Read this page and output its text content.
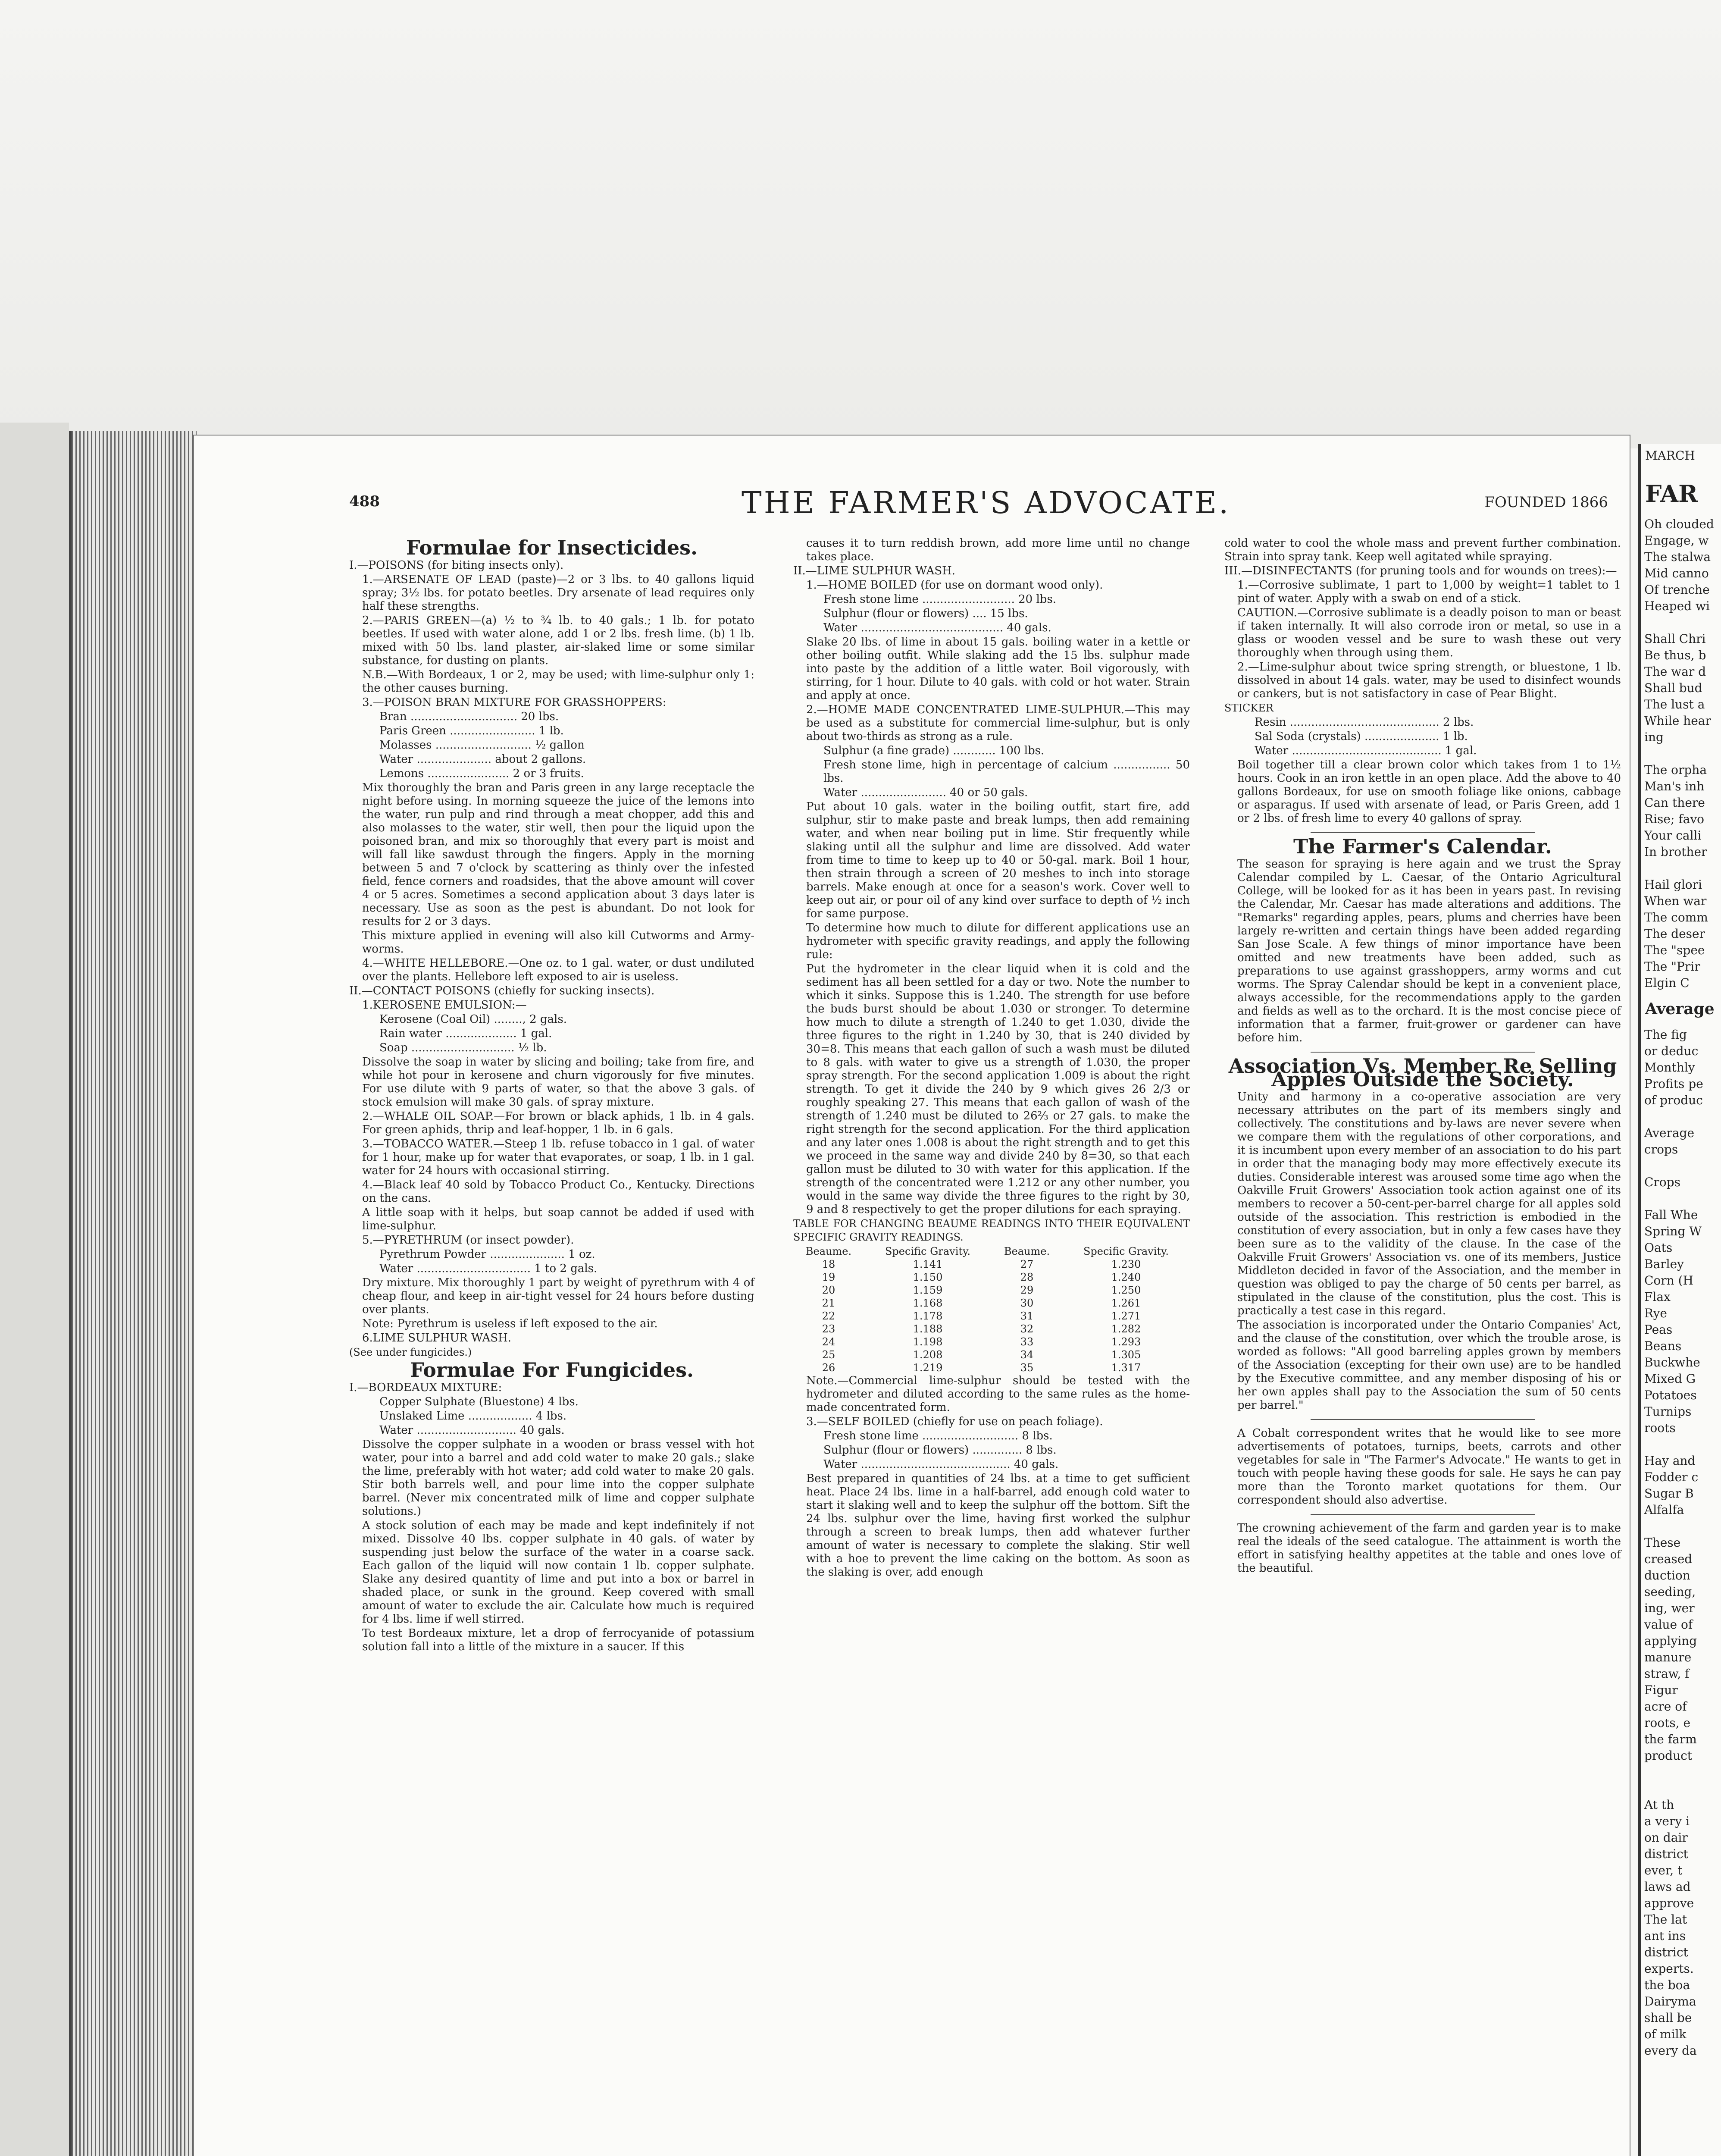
488	THE FARMER'S ADVOCATE.	FOUNDED 1866
Formulae for Insecticides.

I.—POISONS (for biting insects only).

1.—ARSENATE OF LEAD (paste)—2 or 3 lbs. to 40 gallons liquid spray; 3½ lbs. for potato beetles. Dry arsenate of lead requires only half these strengths.

2.—PARIS GREEN—(a) ½ to ¾ lb. to 40 gals.; 1 lb. for potato beetles. If used with water alone, add 1 or 2 lbs. fresh lime. (b) 1 lb. mixed with 50 lbs. land plaster, air-slaked lime or some similar substance, for dusting on plants.

N.B.—With Bordeaux, 1 or 2, may be used; with lime-sulphur only 1: the other causes burning.

3.—POISON BRAN MIXTURE FOR GRASSHOPPERS:

Bran .............................. 20 lbs.

Paris Green ........................ 1 lb.

Molasses ........................... ½ gallon

Water ..................... about 2 gallons.

Lemons ....................... 2 or 3 fruits.

Mix thoroughly the bran and Paris green in any large receptacle the night before using. In morning squeeze the juice of the lemons into the water, run pulp and rind through a meat chopper, add this and also molasses to the water, stir well, then pour the liquid upon the poisoned bran, and mix so thoroughly that every part is moist and will fall like sawdust through the fingers. Apply in the morning between 5 and 7 o'clock by scattering as thinly over the infested field, fence corners and roadsides, that the above amount will cover 4 or 5 acres. Sometimes a second application about 3 days later is necessary. Use as soon as the pest is abundant. Do not look for results for 2 or 3 days.

This mixture applied in evening will also kill Cutworms and Army-worms.

4.—WHITE HELLEBORE.—One oz. to 1 gal. water, or dust undiluted over the plants. Hellebore left exposed to air is useless.

II.—CONTACT POISONS (chiefly for sucking insects).

1.KEROSENE EMULSION:—

Kerosene (Coal Oil) ........, 2 gals.

Rain water .................... 1 gal.

Soap ............................. ½ lb.

Dissolve the soap in water by slicing and boiling; take from fire, and while hot pour in kerosene and churn vigorously for five minutes. For use dilute with 9 parts of water, so that the above 3 gals. of stock emulsion will make 30 gals. of spray mixture.

2.—WHALE OIL SOAP.—For brown or black aphids, 1 lb. in 4 gals. For green aphids, thrip and leaf-hopper, 1 lb. in 6 gals.

3.—TOBACCO WATER.—Steep 1 lb. refuse tobacco in 1 gal. of water for 1 hour, make up for water that evaporates, or soap, 1 lb. in 1 gal. water for 24 hours with occasional stirring.

4.—Black leaf 40 sold by Tobacco Product Co., Kentucky. Directions on the cans.

A little soap with it helps, but soap cannot be added if used with lime-sulphur.

5.—PYRETHRUM (or insect powder).

Pyrethrum Powder ..................... 1 oz.

Water ................................ 1 to 2 gals.

Dry mixture. Mix thoroughly 1 part by weight of pyrethrum with 4 of cheap flour, and keep in air-tight vessel for 24 hours before dusting over plants.

Note: Pyrethrum is useless if left exposed to the air.

6.LIME SULPHUR WASH.

(See under fungicides.)

Formulae For Fungicides.

I.—BORDEAUX MIXTURE:

Copper Sulphate (Bluestone) 4 lbs.

Unslaked Lime .................. 4 lbs.

Water ............................ 40 gals.

Dissolve the copper sulphate in a wooden or brass vessel with hot water, pour into a barrel and add cold water to make 20 gals.; slake the lime, preferably with hot water; add cold water to make 20 gals. Stir both barrels well, and pour lime into the copper sulphate barrel. (Never mix concentrated milk of lime and copper sulphate solutions.)

A stock solution of each may be made and kept indefinitely if not mixed. Dissolve 40 lbs. copper sulphate in 40 gals. of water by suspending just below the surface of the water in a coarse sack. Each gallon of the liquid will now contain 1 lb. copper sulphate. Slake any desired quantity of lime and put into a box or barrel in shaded place, or sunk in the ground. Keep covered with small amount of water to exclude the air. Calculate how much is required for 4 lbs. lime if well stirred.

To test Bordeaux mixture, let a drop of ferrocyanide of potassium solution fall into a little of the mixture in a saucer. If this

causes it to turn reddish brown, add more lime until no change takes place.

II.—LIME SULPHUR WASH.

1.—HOME BOILED (for use on dormant wood only).

Fresh stone lime .......................... 20 lbs.

Sulphur (flour or flowers) .... 15 lbs.

Water ........................................ 40 gals.

Slake 20 lbs. of lime in about 15 gals. boiling water in a kettle or other boiling outfit. While slaking add the 15 lbs. sulphur made into paste by the addition of a little water. Boil vigorously, with stirring, for 1 hour. Dilute to 40 gals. with cold or hot water. Strain and apply at once.

2.—HOME MADE CONCENTRATED LIME-SULPHUR.—This may be used as a substitute for commercial lime-sulphur, but is only about two-thirds as strong as a rule.

Sulphur (a fine grade) ............ 100 lbs.

Fresh stone lime, high in percentage of calcium ................ 50 lbs.

Water ........................ 40 or 50 gals.

Put about 10 gals. water in the boiling outfit, start fire, add sulphur, stir to make paste and break lumps, then add remaining water, and when near boiling put in lime. Stir frequently while slaking until all the sulphur and lime are dissolved. Add water from time to time to keep up to 40 or 50-gal. mark. Boil 1 hour, then strain through a screen of 20 meshes to inch into storage barrels. Make enough at once for a season's work. Cover well to keep out air, or pour oil of any kind over surface to depth of ½ inch for same purpose.

To determine how much to dilute for different applications use an hydrometer with specific gravity readings, and apply the following rule:

Put the hydrometer in the clear liquid when it is cold and the sediment has all been settled for a day or two. Note the number to which it sinks. Suppose this is 1.240. The strength for use before the buds burst should be about 1.030 or stronger. To determine how much to dilute a strength of 1.240 to get 1.030, divide the three figures to the right in 1.240 by 30, that is 240 divided by 30=8. This means that each gallon of such a wash must be diluted to 8 gals. with water to give us a strength of 1.030, the proper spray strength. For the second application 1.009 is about the right strength. To get it divide the 240 by 9 which gives 26 2/3 or roughly speaking 27. This means that each gallon of wash of the strength of 1.240 must be diluted to 26⅔ or 27 gals. to make the right strength for the second application. For the third application and any later ones 1.008 is about the right strength and to get this we proceed in the same way and divide 240 by 8=30, so that each gallon must be diluted to 30 with water for this application. If the strength of the concentrated were 1.212 or any other number, you would in the same way divide the three figures to the right by 30, 9 and 8 respectively to get the proper dilutions for each spraying.

TABLE FOR CHANGING BEAUME READINGS INTO THEIR EQUIVALENT SPECIFIC GRAVITY READINGS.

Beaume.	Specific Gravity.	Beaume.	Specific Gravity.
18	1.141	27	1.230
19	1.150	28	1.240
20	1.159	29	1.250
21	1.168	30	1.261
22	1.178	31	1.271
23	1.188	32	1.282
24	1.198	33	1.293
25	1.208	34	1.305
26	1.219	35	1.317

Note.—Commercial lime-sulphur should be tested with the hydrometer and diluted according to the same rules as the home-made concentrated form.

3.—SELF BOILED (chiefly for use on peach foliage).

Fresh stone lime ........................... 8 lbs.

Sulphur (flour or flowers) .............. 8 lbs.

Water .......................................... 40 gals.

Best prepared in quantities of 24 lbs. at a time to get sufficient heat. Place 24 lbs. lime in a half-barrel, add enough cold water to start it slaking well and to keep the sulphur off the bottom. Sift the 24 lbs. sulphur over the lime, having first worked the sulphur through a screen to break lumps, then add whatever further amount of water is necessary to complete the slaking. Stir well with a hoe to prevent the lime caking on the bottom. As soon as the slaking is over, add enough

cold water to cool the whole mass and prevent further combination. Strain into spray tank. Keep well agitated while spraying.

III.—DISINFECTANTS (for pruning tools and for wounds on trees):—

1.—Corrosive sublimate, 1 part to 1,000 by weight=1 tablet to 1 pint of water. Apply with a swab on end of a stick.

CAUTION.—Corrosive sublimate is a deadly poison to man or beast if taken internally. It will also corrode iron or metal, so use in a glass or wooden vessel and be sure to wash these out very thoroughly when through using them.

2.—Lime-sulphur about twice spring strength, or bluestone, 1 lb. dissolved in about 14 gals. water, may be used to disinfect wounds or cankers, but is not satisfactory in case of Pear Blight.

STICKER

Resin .......................................... 2 lbs.

Sal Soda (crystals) ..................... 1 lb.

Water .......................................... 1 gal.

Boil together till a clear brown color which takes from 1 to 1½ hours. Cook in an iron kettle in an open place. Add the above to 40 gallons Bordeaux, for use on smooth foliage like onions, cabbage or asparagus. If used with arsenate of lead, or Paris Green, add 1 or 2 lbs. of fresh lime to every 40 gallons of spray.

The Farmer's Calendar.

The season for spraying is here again and we trust the Spray Calendar compiled by L. Caesar, of the Ontario Agricultural College, will be looked for as it has been in years past. In revising the Calendar, Mr. Caesar has made alterations and additions. The "Remarks" regarding apples, pears, plums and cherries have been largely re-written and certain things have been added regarding San Jose Scale. A few things of minor importance have been omitted and new treatments have been added, such as preparations to use against grasshoppers, army worms and cut worms. The Spray Calendar should be kept in a convenient place, always accessible, for the recommendations apply to the garden and fields as well as to the orchard. It is the most concise piece of information that a farmer, fruit-grower or gardener can have before him.

Association Vs. Member Re Selling Apples Outside the Society.

Unity and harmony in a co-operative association are very necessary attributes on the part of its members singly and collectively. The constitutions and by-laws are never severe when we compare them with the regulations of other corporations, and it is incumbent upon every member of an association to do his part in order that the managing body may more effectively execute its duties. Considerable interest was aroused some time ago when the Oakville Fruit Growers' Association took action against one of its members to recover a 50-cent-per-barrel charge for all apples sold outside of the association. This restriction is embodied in the constitution of every association, but in only a few cases have they been sure as to the validity of the clause. In the case of the Oakville Fruit Growers' Association vs. one of its members, Justice Middleton decided in favor of the Association, and the member in question was obliged to pay the charge of 50 cents per barrel, as stipulated in the clause of the constitution, plus the cost. This is practically a test case in this regard.

The association is incorporated under the Ontario Companies' Act, and the clause of the constitution, over which the trouble arose, is worded as follows: "All good barreling apples grown by members of the Association (excepting for their own use) are to be handled by the Executive committee, and any member disposing of his or her own apples shall pay to the Association the sum of 50 cents per barrel."

A Cobalt correspondent writes that he would like to see more advertisements of potatoes, turnips, beets, carrots and other vegetables for sale in "The Farmer's Advocate." He wants to get in touch with people having these goods for sale. He says he can pay more than the Toronto market quotations for them. Our correspondent should also advertise.

The crowning achievement of the farm and garden year is to make real the ideals of the seed catalogue. The attainment is worth the effort in satisfying healthy appetites at the table and ones love of the beautiful.

MARCH
FAR
Oh clouded
Engage, w
The stalwa
Mid canno
Of trenche
Heaped wi

Shall Chri
Be thus, b
The war d
Shall bud
The lust a
While hear
ing

The orpha
Man's inh
Can there
Rise; favo
Your calli
In brother

Hail glori
When war
The comm
The deser
The "spee
The "Prir
Elgin C
Average
The fig
or deduc
Monthly
Profits pe
of produc

Average
crops

Crops

Fall Whe
Spring W
Oats
Barley
Corn (H
Flax
Rye
Peas
Beans
Buckwhe
Mixed G
Potatoes
Turnips
roots

Hay and
Fodder c
Sugar B
Alfalfa

These
creased
duction
seeding,
ing, wer
value of
applying
manure
straw, f
Figur
acre of
roots, e
the farm
product

At th
a very i
on dair
district
ever, t
laws ad
approve
The lat
ant ins
district
experts.
the boa
Dairyma
shall be
of milk
every da
